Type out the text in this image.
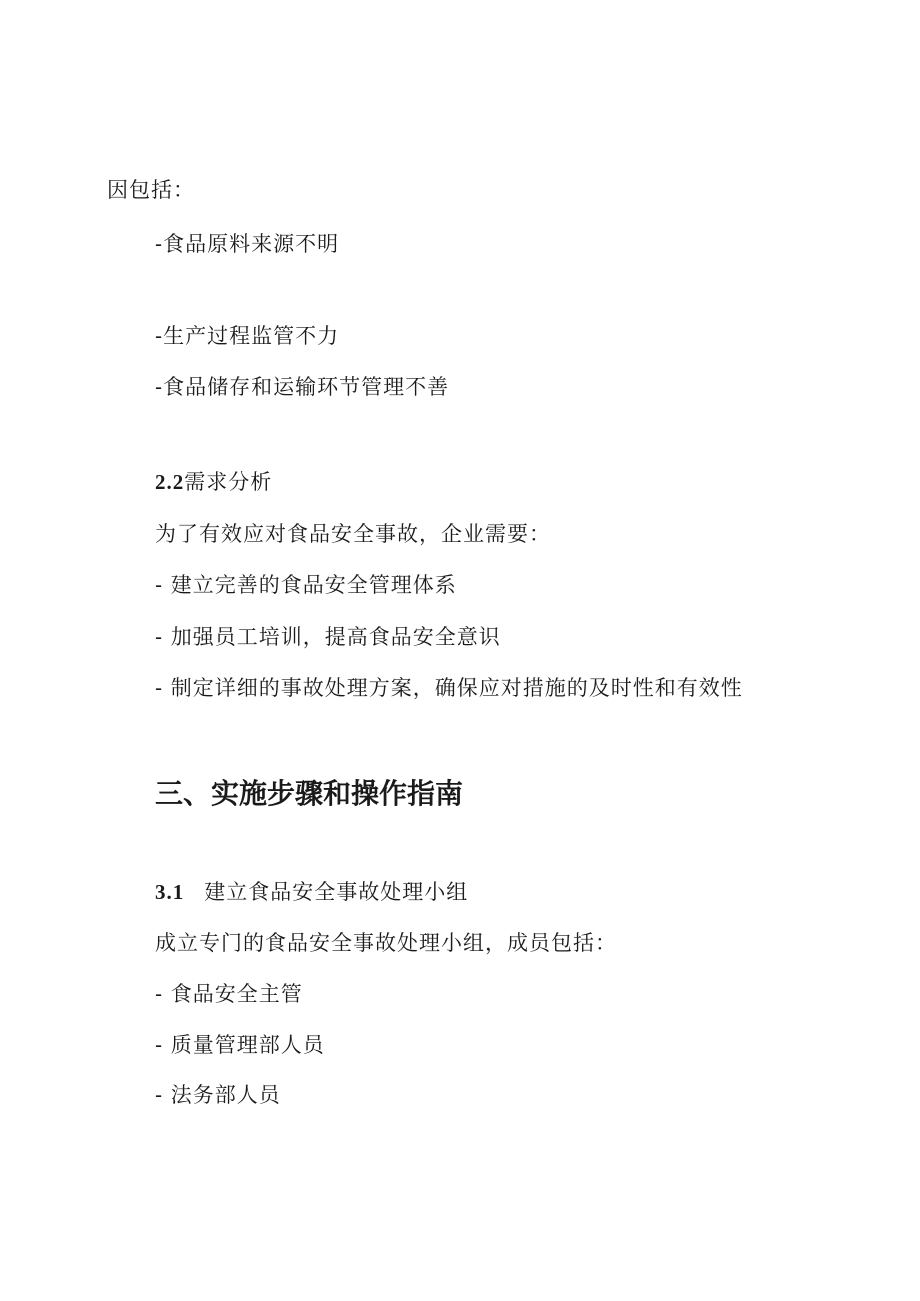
因包括：
-食品原料来源不明
-生产过程监管不力
-食品储存和运输环节管理不善
2.2需求分析
为了有效应对食品安全事故，企业需要：
- 建立完善的食品安全管理体系
- 加强员工培训，提高食品安全意识
- 制定详细的事故处理方案，确保应对措施的及时性和有效性
三、实施步骤和操作指南
3.1 建立食品安全事故处理小组
成立专门的食品安全事故处理小组，成员包括：
- 食品安全主管
- 质量管理部人员
- 法务部人员
